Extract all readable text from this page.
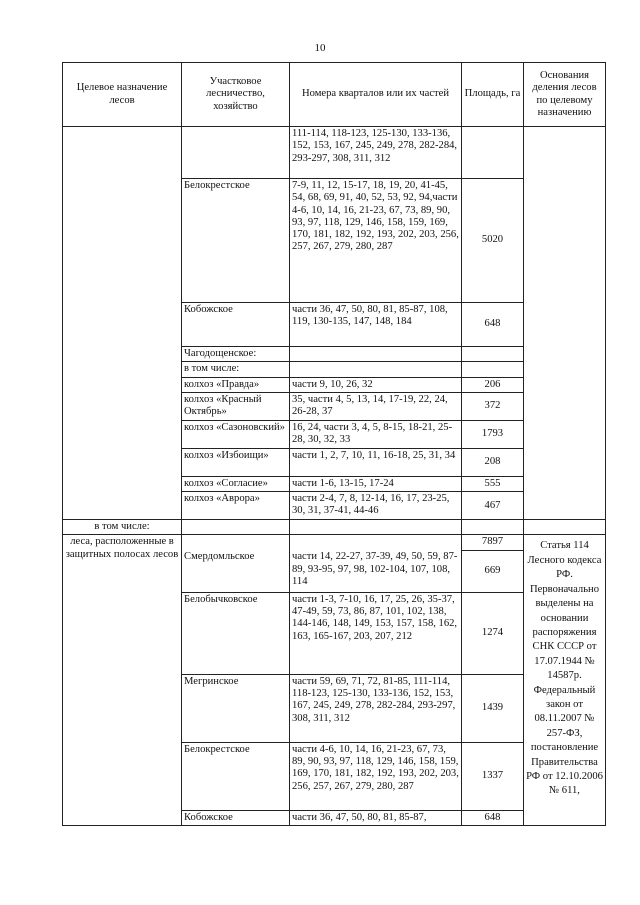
10
Целевое назначение лесов	Участковое лесничество, хозяйство	Номера кварталов или их частей	Площадь, га	Основания деления лесов по целевому назначению
		111-114, 118-123, 125-130, 133-136, 152, 153, 167, 245, 249, 278, 282-284, 293-297, 308, 311, 312		
	Белокрестское	7-9, 11, 12, 15-17, 18, 19, 20, 41-45, 54, 68, 69, 91, 40, 52, 53, 92, 94,части 4-6, 10, 14, 16, 21-23, 67, 73, 89, 90, 93, 97, 118, 129, 146, 158, 159, 169, 170, 181, 182, 192, 193, 202, 203, 256, 257, 267, 279, 280, 287	5020	
	Кобожское	части 36, 47, 50, 80, 81, 85-87, 108, 119, 130-135, 147, 148, 184	648	
	Чагодощенское:			
	в том числе:			
	колхоз «Правда»	части 9, 10, 26, 32	206	
	колхоз «Красный Октябрь»	35, части 4, 5, 13, 14, 17-19, 22, 24, 26-28, 37	372	
	колхоз «Сазоновский»	16, 24, части 3, 4, 5, 8-15, 18-21, 25-28, 30, 32, 33	1793	
	колхоз «Избоищи»	части 1, 2, 7, 10, 11, 16-18, 25, 31, 34	208	
	колхоз «Согласие»	части 1-6, 13-15, 17-24	555	
	колхоз «Аврора»	части 2-4, 7, 8, 12-14, 16, 17, 23-25, 30, 31, 37-41, 44-46	467	
в том числе:				
леса, расположенные в защитных полосах лесов			7897	Статья 114 Лесного кодекса РФ. Первоначально выделены на основании распоряжения СНК СССР от 17.07.1944 № 14587р. Федеральный закон от 08.11.2007 № 257-ФЗ, постановление Правительства РФ от 12.10.2006 № 611,
	Смердомльское	части 14, 22-27, 37-39, 49, 50, 59, 87-89, 93-95, 97, 98, 102-104, 107, 108, 114	669	
	Белобычковское	части 1-3, 7-10, 16, 17, 25, 26, 35-37, 47-49, 59, 73, 86, 87, 101, 102, 138, 144-146, 148, 149, 153, 157, 158, 162, 163, 165-167, 203, 207, 212	1274	
	Мегринское	части 59, 69, 71, 72, 81-85, 111-114, 118-123, 125-130, 133-136, 152, 153, 167, 245, 249, 278, 282-284, 293-297, 308, 311, 312	1439	
	Белокрестское	части 4-6, 10, 14, 16, 21-23, 67, 73, 89, 90, 93, 97, 118, 129, 146, 158, 159, 169, 170, 181, 182, 192, 193, 202, 203, 256, 257, 267, 279, 280, 287	1337	
	Кобожское	части 36, 47, 50, 80, 81, 85-87,	648	
